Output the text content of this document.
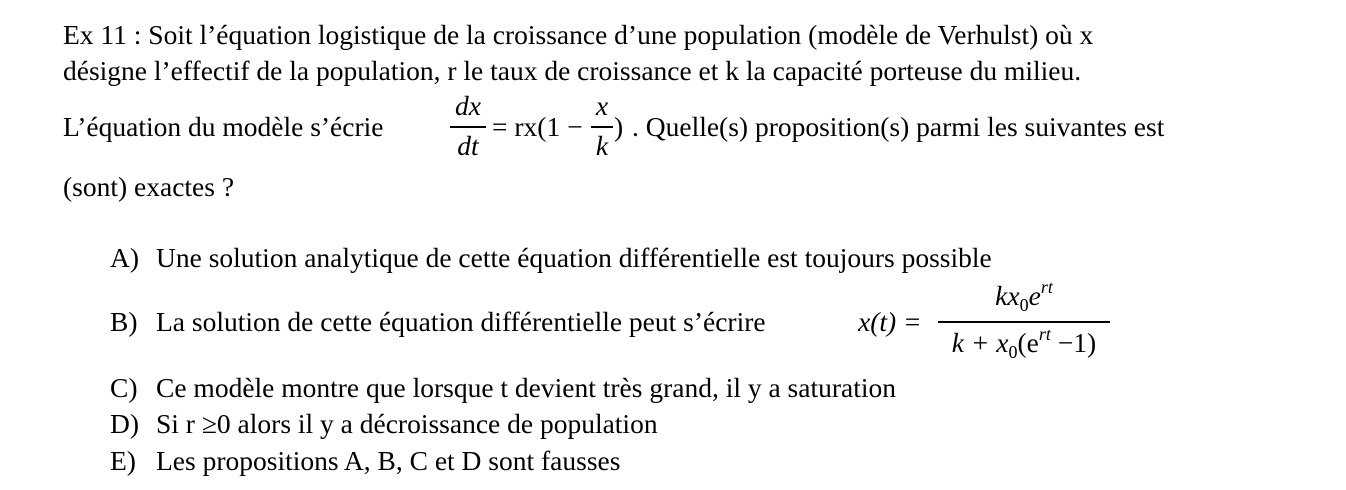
Ex 11 : Soit l’équation logistique de la croissance d’une population (modèle de Verhulst) où x
désigne l’effectif de la population, r le taux de croissance et k la capacité porteuse du milieu.
L’équation du modèle s’écrie
dx
dt
= rx(1 −
x
k
) . Quelle(s) proposition(s) parmi les suivantes est
(sont) exactes ?
A) Une solution analytique de cette équation différentielle est toujours possible
B) La solution de cette équation différentielle peut s’écrire	x(t) =
$kx_0e^{rt}$
$k + x_0(e^{rt} -1)$
C) Ce modèle montre que lorsque t devient très grand, il y a saturation
D) Si r ≥0 alors il y a décroissance de population
E) Les propositions A, B, C et D sont fausses
